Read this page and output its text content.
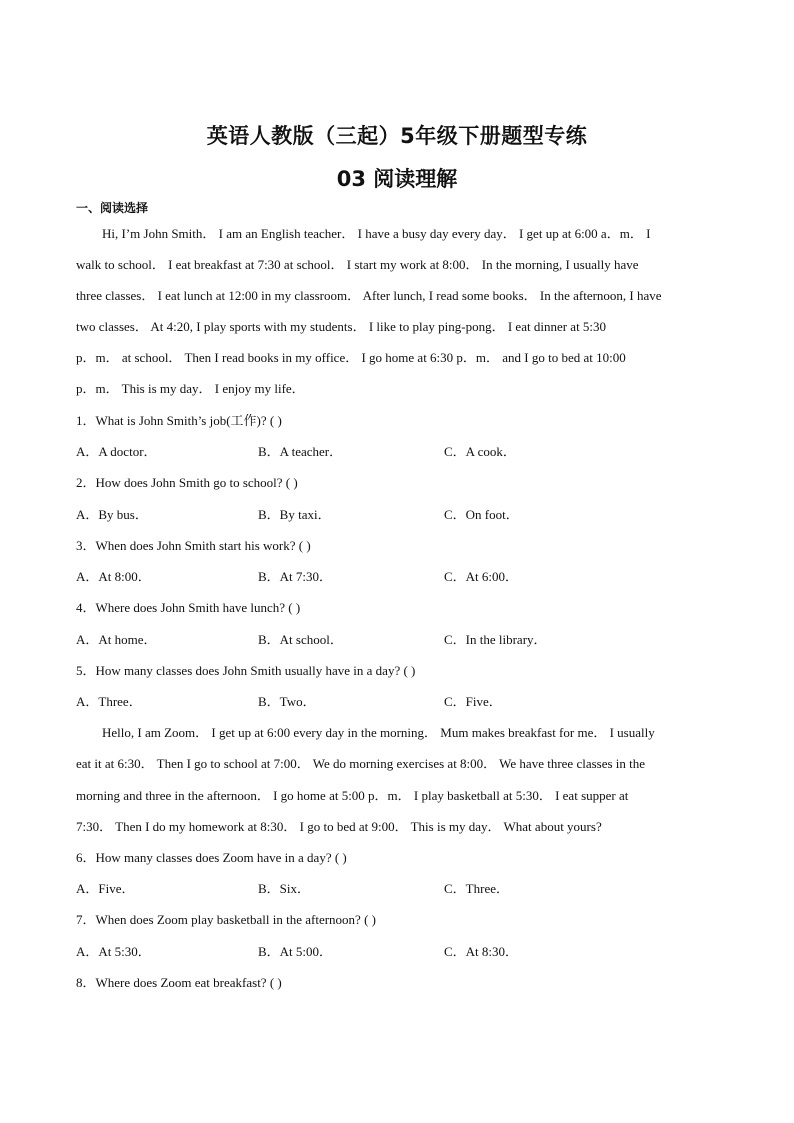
英语人教版（三起）5年级下册题型专练
03 阅读理解
一、阅读选择
Hi, I’m John Smith． I am an English teacher． I have a busy day every day． I get up at 6:00 a．m． I
walk to school． I eat breakfast at 7:30 at school． I start my work at 8:00． In the morning, I usually have
three classes． I eat lunch at 12:00 in my classroom． After lunch, I read some books． In the afternoon, I have
two classes． At 4:20, I play sports with my students． I like to play ping-pong． I eat dinner at 5:30
p．m． at school． Then I read books in my office． I go home at 6:30 p．m． and I go to bed at 10:00
p．m． This is my day． I enjoy my life．
1．What is John Smith’s job(工作)? ( )
A．A doctor．	B．A teacher．	C．A cook．
2．How does John Smith go to school? ( )
A．By bus．	B．By taxi．	C．On foot．
3．When does John Smith start his work? ( )
A．At 8:00．	B．At 7:30．	C．At 6:00．
4．Where does John Smith have lunch? ( )
A．At home．	B．At school．	C．In the library．
5．How many classes does John Smith usually have in a day? ( )
A．Three．	B．Two．	C．Five．
Hello, I am Zoom． I get up at 6:00 every day in the morning． Mum makes breakfast for me． I usually
eat it at 6:30． Then I go to school at 7:00． We do morning exercises at 8:00． We have three classes in the
morning and three in the afternoon． I go home at 5:00 p．m． I play basketball at 5:30． I eat supper at
7:30． Then I do my homework at 8:30． I go to bed at 9:00． This is my day． What about yours?
6．How many classes does Zoom have in a day? ( )
A．Five．	B．Six．	C．Three．
7．When does Zoom play basketball in the afternoon? ( )
A．At 5:30．	B．At 5:00．	C．At 8:30．
8．Where does Zoom eat breakfast? ( )
